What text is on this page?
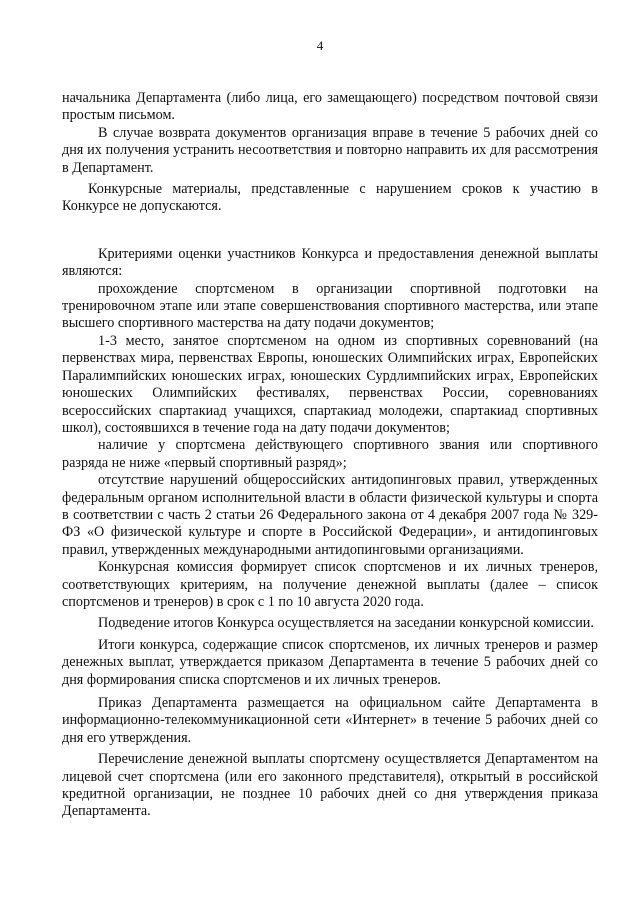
4

начальника Департамента (либо лица, его замещающего) посредством почтовой связи простым письмом.

В случае возврата документов организация вправе в течение 5 рабочих дней со дня их получения устранить несоответствия и повторно направить их для рассмотрения в Департамент.

Конкурсные материалы, представленные с нарушением сроков к участию в Конкурсе не допускаются.

Критериями оценки участников Конкурса и предоставления денежной выплаты являются:

прохождение спортсменом в организации спортивной подготовки на тренировочном этапе или этапе совершенствования спортивного мастерства, или этапе высшего спортивного мастерства на дату подачи документов;

1-3 место, занятое спортсменом на одном из спортивных соревнований (на первенствах мира, первенствах Европы, юношеских Олимпийских играх, Европейских Паралимпийских юношеских играх, юношеских Сурдлимпийских играх, Европейских юношеских Олимпийских фестивалях, первенствах России, соревнованиях всероссийских спартакиад учащихся, спартакиад молодежи, спартакиад спортивных школ), состоявшихся в течение года на дату подачи документов;

наличие у спортсмена действующего спортивного звания или спортивного разряда не ниже «первый спортивный разряд»;

отсутствие нарушений общероссийских антидопинговых правил, утвержденных федеральным органом исполнительной власти в области физической культуры и спорта в соответствии с часть 2 статьи 26 Федерального закона от 4 декабря 2007 года № 329-ФЗ «О физической культуре и спорте в Российской Федерации», и антидопинговых правил, утвержденных международными антидопинговыми организациями.

Конкурсная комиссия формирует список спортсменов и их личных тренеров, соответствующих критериям, на получение денежной выплаты (далее – список спортсменов и тренеров) в срок с 1 по 10 августа 2020 года.

Подведение итогов Конкурса осуществляется на заседании конкурсной комиссии.

Итоги конкурса, содержащие список спортсменов, их личных тренеров и размер денежных выплат, утверждается приказом Департамента в течение 5 рабочих дней со дня формирования списка спортсменов и их личных тренеров.

Приказ Департамента размещается на официальном сайте Департамента в информационно-телекоммуникационной сети «Интернет» в течение 5 рабочих дней со дня его утверждения.

Перечисление денежной выплаты спортсмену осуществляется Департаментом на лицевой счет спортсмена (или его законного представителя), открытый в российской кредитной организации, не позднее 10 рабочих дней со дня утверждения приказа Департамента.
